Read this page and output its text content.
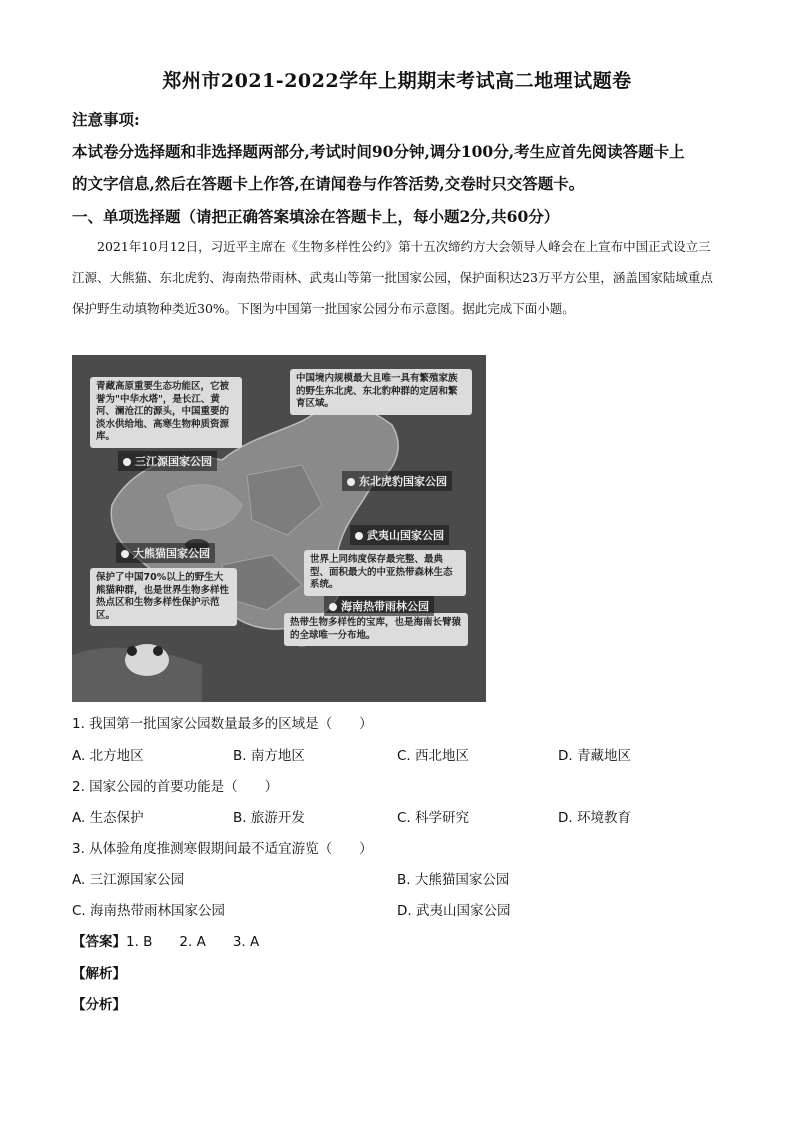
郑州市2021-2022学年上期期末考试高二地理试题卷
注意事项:
本试卷分选择题和非选择题两部分,考试时间90分钟,调分100分,考生应首先阅读答题卡上
的文字信息,然后在答题卡上作答,在请闻卷与作答活势,交卷时只交答题卡。
一、单项选择题（请把正确答案填涂在答题卡上，每小题2分,共60分）

2021年10月12日，习近平主席在《生物多样性公约》第十五次缔约方大会领导人峰会在上宣布中国正式设立三江源、大熊猫、东北虎豹、海南热带雨林、武夷山等第一批国家公园，保护面积达23万平方公里，涵盖国家陆域重点保护野生动填物种类近30%。下图为中国第一批国家公园分布示意图。据此完成下面小题。

青藏高原重要生态功能区，它被誉为"中华水塔"，是长江、黄河、澜沧江的源头，中国重要的淡水供给地、高寒生物种质资源库。
中国境内规模最大且唯一具有繁殖家族的野生东北虎、东北豹种群的定居和繁育区域。
保护了中国70%以上的野生大熊猫种群，也是世界生物多样性热点区和生物多样性保护示范区。
世界上同纬度保存最完整、最典型、面积最大的中亚热带森林生态系统。
热带生物多样性的宝库，也是海南长臂猿的全球唯一分布地。
三江源国家公园
东北虎豹国家公园
武夷山国家公园
大熊猫国家公园
海南热带雨林公园
1. 我国第一批国家公园数量最多的区域是（　　）
A. 北方地区	B. 南方地区	C. 西北地区	D. 青藏地区
2. 国家公园的首要功能是（　　）
A. 生态保护	B. 旅游开发	C. 科学研究	D. 环境教育
3. 从体验角度推测寒假期间最不适宜游览（　　）
A. 三江源国家公园	B. 大熊猫国家公园
C. 海南热带雨林国家公园	D. 武夷山国家公园
【答案】1. B　　2. A　　3. A
【解析】
【分析】
